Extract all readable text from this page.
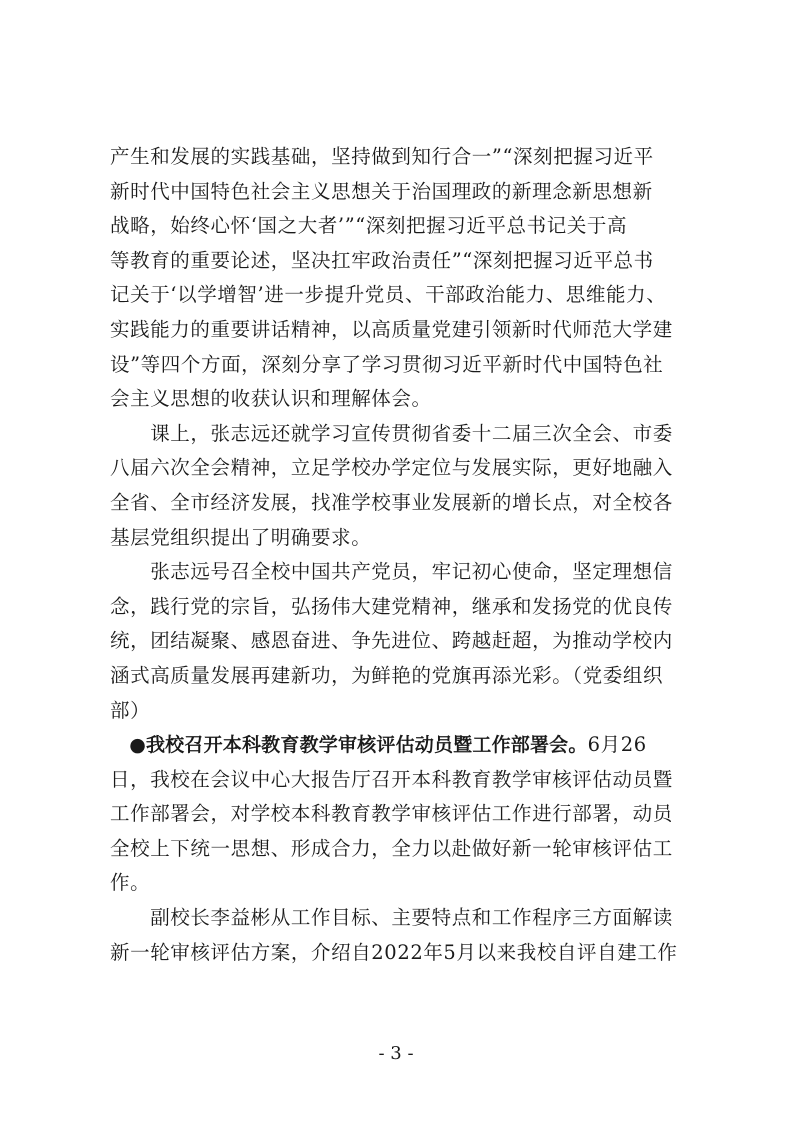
产生和发展的实践基础，坚持做到知行合一”“深刻把握习近平
新时代中国特色社会主义思想关于治国理政的新理念新思想新
战略，始终心怀‘国之大者’”“深刻把握习近平总书记关于高
等教育的重要论述，坚决扛牢政治责任”“深刻把握习近平总书
记关于‘以学增智’进一步提升党员、干部政治能力、思维能力、
实践能力的重要讲话精神，以高质量党建引领新时代师范大学建
设”等四个方面，深刻分享了学习贯彻习近平新时代中国特色社
会主义思想的收获认识和理解体会。
　　课上，张志远还就学习宣传贯彻省委十二届三次全会、市委
八届六次全会精神，立足学校办学定位与发展实际，更好地融入
全省、全市经济发展，找准学校事业发展新的增长点，对全校各
基层党组织提出了明确要求。
　　张志远号召全校中国共产党员，牢记初心使命，坚定理想信
念，践行党的宗旨，弘扬伟大建党精神，继承和发扬党的优良传
统，团结凝聚、感恩奋进、争先进位、跨越赶超，为推动学校内
涵式高质量发展再建新功，为鲜艳的党旗再添光彩。（党委组织
部）
　●我校召开本科教育教学审核评估动员暨工作部署会。6月26
日，我校在会议中心大报告厅召开本科教育教学审核评估动员暨
工作部署会，对学校本科教育教学审核评估工作进行部署，动员
全校上下统一思想、形成合力，全力以赴做好新一轮审核评估工
作。
　　副校长李益彬从工作目标、主要特点和工作程序三方面解读
新一轮审核评估方案，介绍自2022年5月以来我校自评自建工作
- 3 -
